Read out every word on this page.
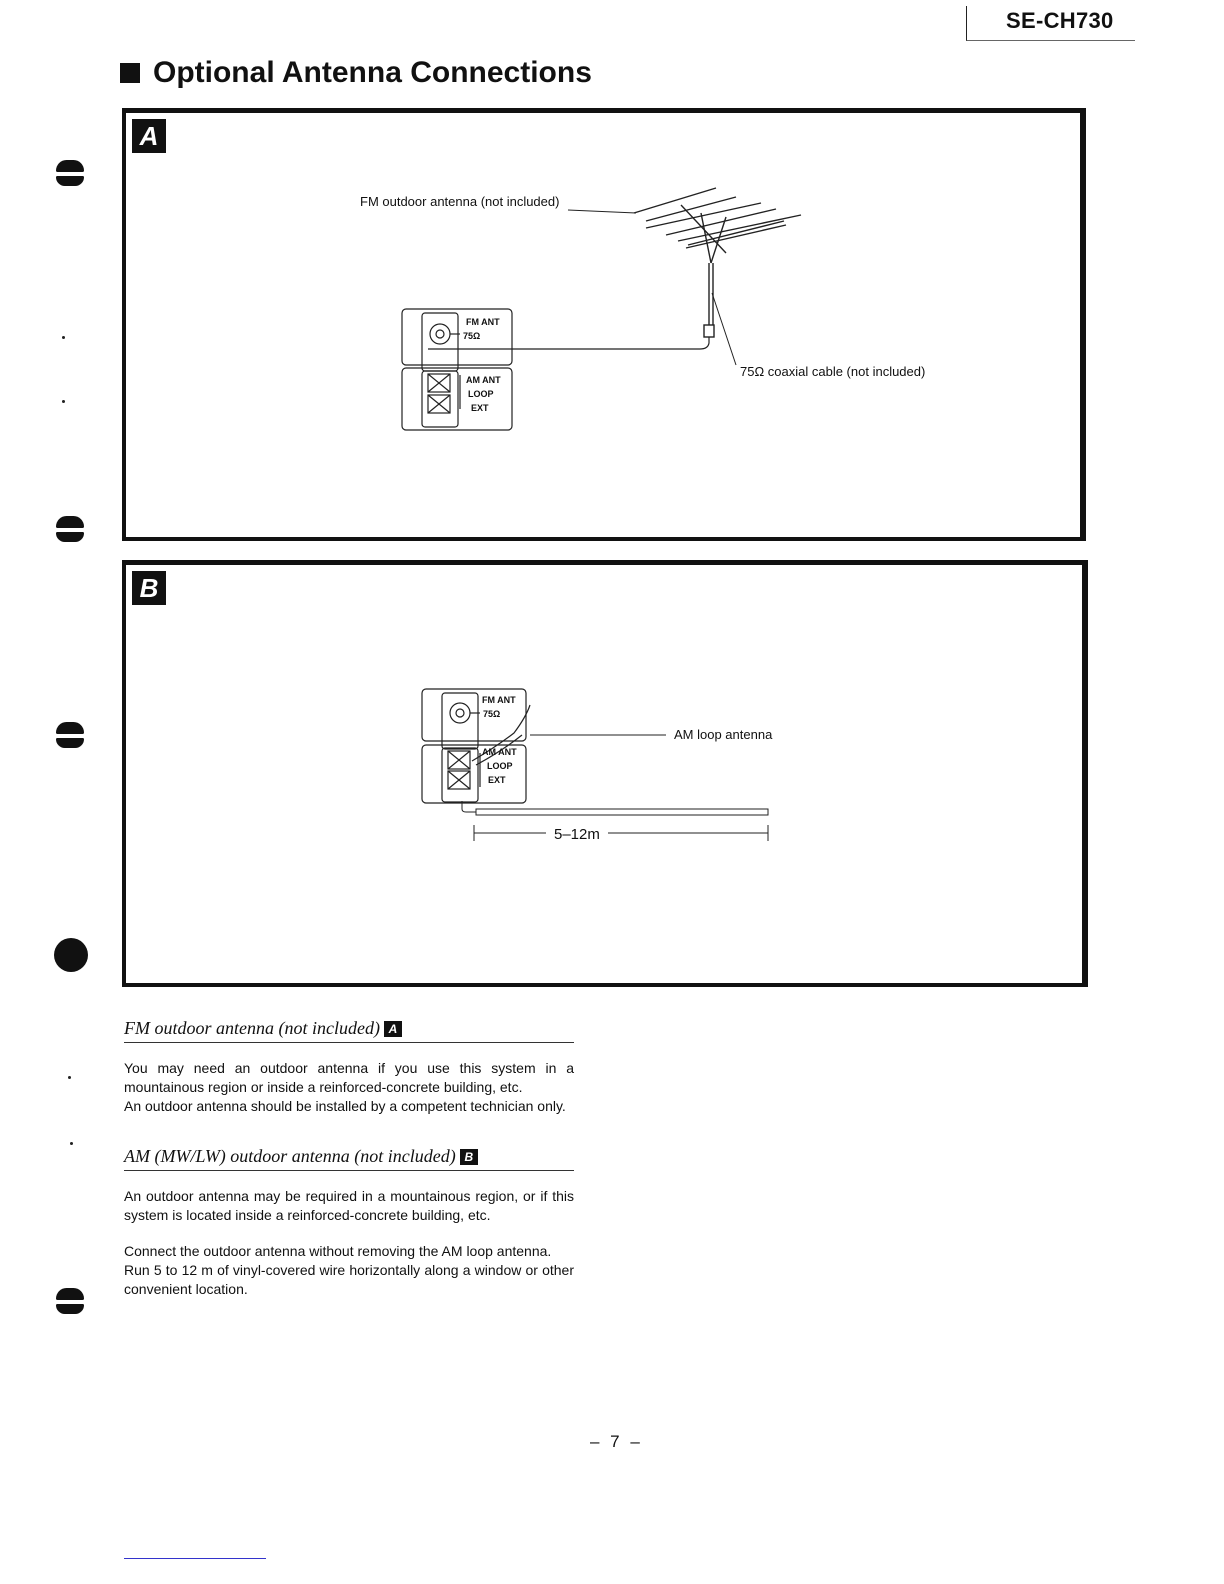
SE-CH730
Optional Antenna Connections
A
FM outdoor antenna (not included)
75Ω coaxial cable (not included)
FM ANT
75Ω
AM ANT
LOOP
EXT
B
FM ANT
75Ω
AM ANT
LOOP
EXT
AM loop antenna
5–12m
FM outdoor antenna (not included) A

You may need an outdoor antenna if you use this system in a mountainous region or inside a reinforced-concrete building, etc.

An outdoor antenna should be installed by a competent technician only.

AM (MW/LW) outdoor antenna (not included) B

An outdoor antenna may be required in a mountainous region, or if this system is located inside a reinforced-concrete building, etc.

Connect the outdoor antenna without removing the AM loop antenna.

Run 5 to 12 m of vinyl-covered wire horizontally along a window or other convenient location.

– 7 –
